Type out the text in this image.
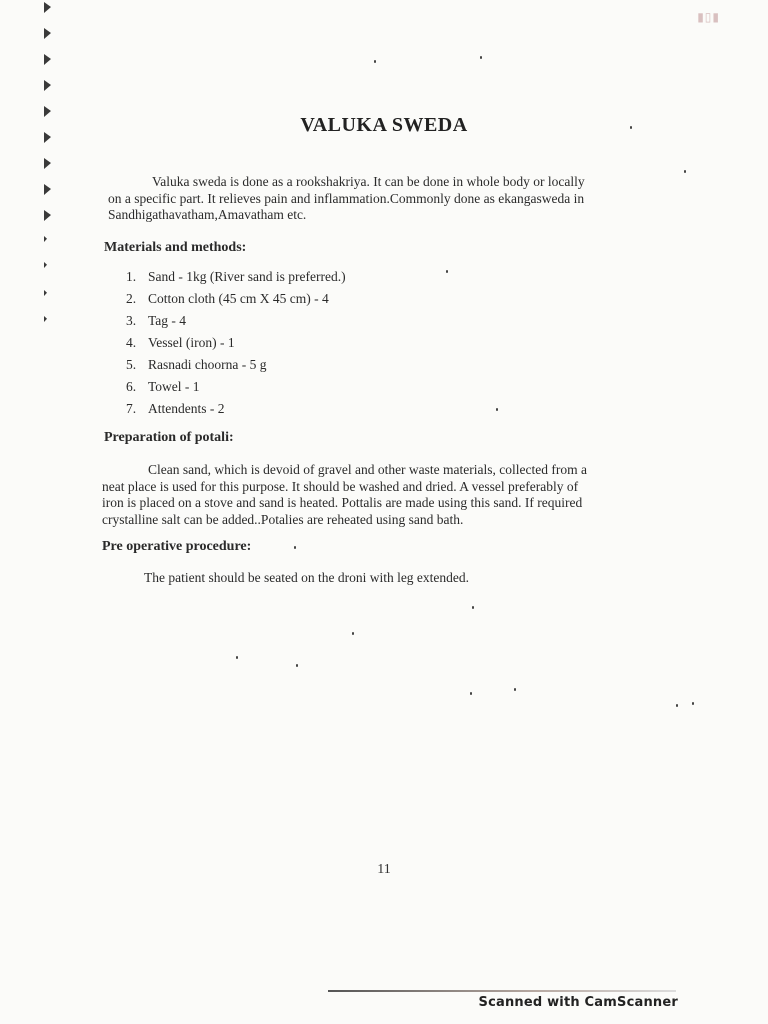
▮▯▮
VALUKA SWEDA
Valuka sweda is done as a rookshakriya. It can be done in whole body or locally
on a specific part. It relieves pain and inflammation.Commonly done as ekangasweda in
Sandhigathavatham,Amavatham etc.
Materials and methods:
1. Sand - 1kg (River sand is preferred.)
2. Cotton cloth (45 cm X 45 cm) - 4
3. Tag - 4
4. Vessel (iron) - 1
5. Rasnadi choorna - 5 g
6. Towel - 1
7. Attendents - 2
Preparation of potali:
Clean sand, which is devoid of gravel and other waste materials, collected from a
neat place is used for this purpose. It should be washed and dried. A vessel preferably of
iron is placed on a stove and sand is heated. Pottalis are made using this sand. If required
crystalline salt can be added..Potalies are reheated using sand bath.
Pre operative procedure:
The patient should be seated on the droni with leg extended.
11
Scanned with CamScanner
